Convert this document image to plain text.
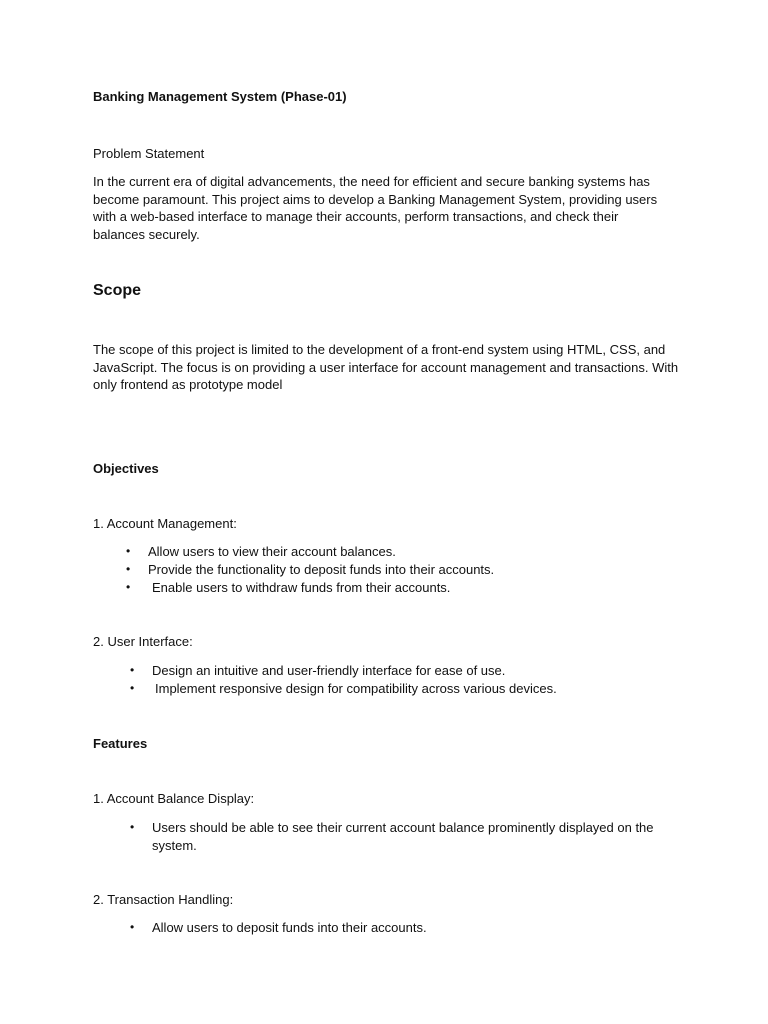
Banking Management System (Phase-01)
Problem Statement
In the current era of digital advancements, the need for efficient and secure banking systems has
become paramount. This project aims to develop a Banking Management System, providing users
with a web-based interface to manage their accounts, perform transactions, and check their
balances securely.
Scope
The scope of this project is limited to the development of a front-end system using HTML, CSS, and
JavaScript. The focus is on providing a user interface for account management and transactions. With
only frontend as prototype model
Objectives
1. Account Management:
• Allow users to view their account balances.
• Provide the functionality to deposit funds into their accounts.
• Enable users to withdraw funds from their accounts.
2. User Interface:
• Design an intuitive and user-friendly interface for ease of use.
• Implement responsive design for compatibility across various devices.
Features
1. Account Balance Display:
• Users should be able to see their current account balance prominently displayed on the system.
2. Transaction Handling:
• Allow users to deposit funds into their accounts.
